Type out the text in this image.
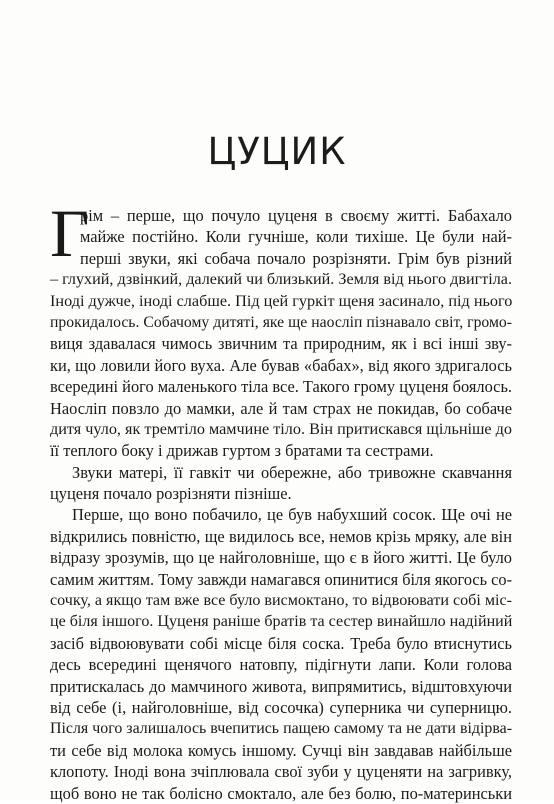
ЦУЦИК
Г
рім – перше, що почуло цуценя в своєму житті. Бабахало
майже постійно. Коли гучніше, коли тихіше. Це були най-
перші звуки, які собача почало розрізняти. Грім був різний
– глухий, дзвінкий, далекий чи близький. Земля від нього двигтіла.
Іноді дужче, іноді слабше. Під цей гуркіт щеня засинало, під нього
прокидалось. Собачому дитяті, яке ще наосліп пізнавало світ, громо-
виця здавалася чимось звичним та природним, як і всі інші зву-
ки, що ловили його вуха. Але бував «бабах», від якого здригалось
всередині його маленького тіла все. Такого грому цуценя боялось.
Наосліп повзло до мамки, але й там страх не покидав, бо собаче
дитя чуло, як тремтіло мамчине тіло. Він притискався щільніше до
її теплого боку і дрижав гуртом з братами та сестрами.
Звуки матері, її гавкіт чи обережне, або тривожне скавчання
цуценя почало розрізняти пізніше.
Перше, що воно побачило, це був набухший сосок. Ще очі не
відкрились повністю, ще видилось все, немов крізь мряку, але він
відразу зрозумів, що це найголовніше, що є в його житті. Це було
самим життям. Тому завжди намагався опинитися біля якогось со-
сочку, а якщо там вже все було висмоктано, то відвоювати собі міс-
це біля іншого. Цуценя раніше братів та сестер винайшло надійний
засіб відвоювувати собі місце біля соска. Треба було втиснутись
десь всередині щенячого натовпу, підігнути лапи. Коли голова
притискалась до мамчиного живота, випрямитись, відштовхуючи
від себе (і, найголовніше, від сосочка) суперника чи суперницю.
Після чого залишалось вчепитись пащею самому та не дати відірва-
ти себе від молока комусь іншому. Сучці він завдавав найбільше
клопоту. Іноді вона зчіплювала свої зуби у цуценяти на загривку,
щоб воно не так болісно смоктало, але без болю, по-материнськи
